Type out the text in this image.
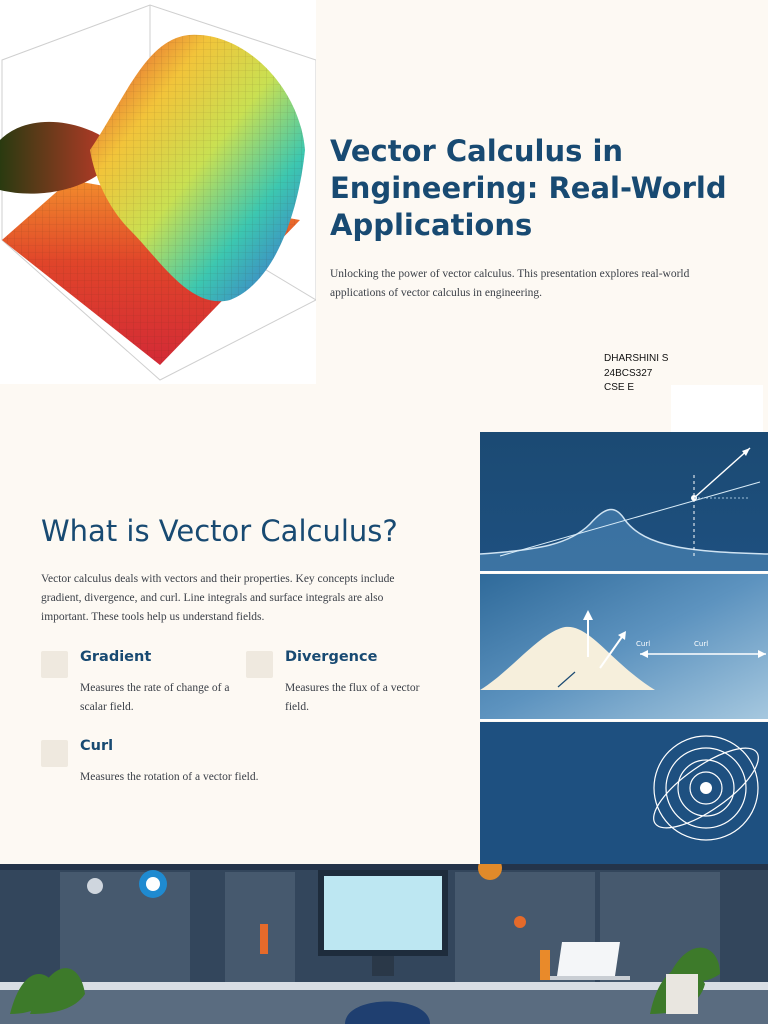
Vector Calculus in Engineering: Real-World Applications

Unlocking the power of vector calculus. This presentation explores real-world applications of vector calculus in engineering.

DHARSHINI S
24BCS327
CSE E
What is Vector Calculus?

Vector calculus deals with vectors and their properties. Key concepts include gradient, divergence, and curl. Line integrals and surface integrals are also important. These tools help us understand fields.

Gradient

Measures the rate of change of a scalar field.

Divergence

Measures the flux of a vector field.

Curl

Measures the rotation of a vector field.

Curl	Curl
